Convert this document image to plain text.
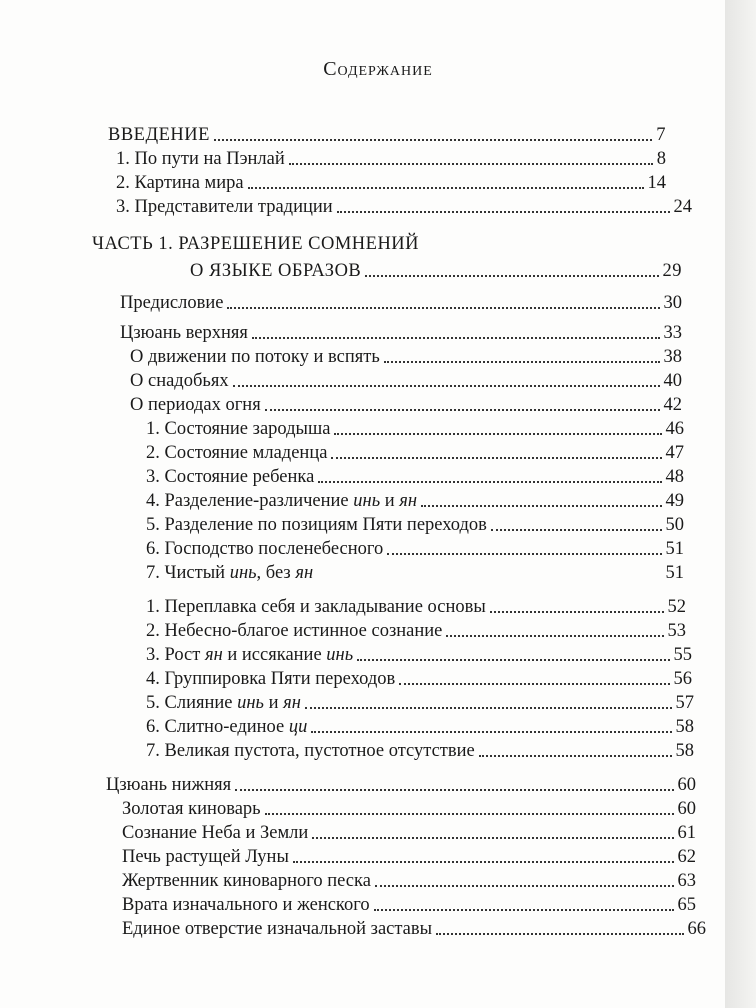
Содержание
ВВЕДЕНИЕ	7
1. По пути на Пэнлай	8
2. Картина мира	14
3. Представители традиции	24
ЧАСТЬ 1. РАЗРЕШЕНИЕ СОМНЕНИЙ
О ЯЗЫКЕ ОБРАЗОВ	29
Предисловие	30
Цзюань верхняя	33
О движении по потоку и вспять	38
О снадобьях	40
О периодах огня	42
1. Состояние зародыша	46
2. Состояние младенца	47
3. Состояние ребенка	48
4. Разделение-различение инь и ян	49
5. Разделение по позициям Пяти переходов	50
6. Господство посленебесного	51
7. Чистый инь, без ян	51
1. Переплавка себя и закладывание основы	52
2. Небесно-благое истинное сознание	53
3. Рост ян и иссякание инь	55
4. Группировка Пяти переходов	56
5. Слияние инь и ян	57
6. Слитно-единое ци	58
7. Великая пустота, пустотное отсутствие	58
Цзюань нижняя	60
Золотая киноварь	60
Сознание Неба и Земли	61
Печь растущей Луны	62
Жертвенник киноварного песка	63
Врата изначального и женского	65
Единое отверстие изначальной заставы	66
